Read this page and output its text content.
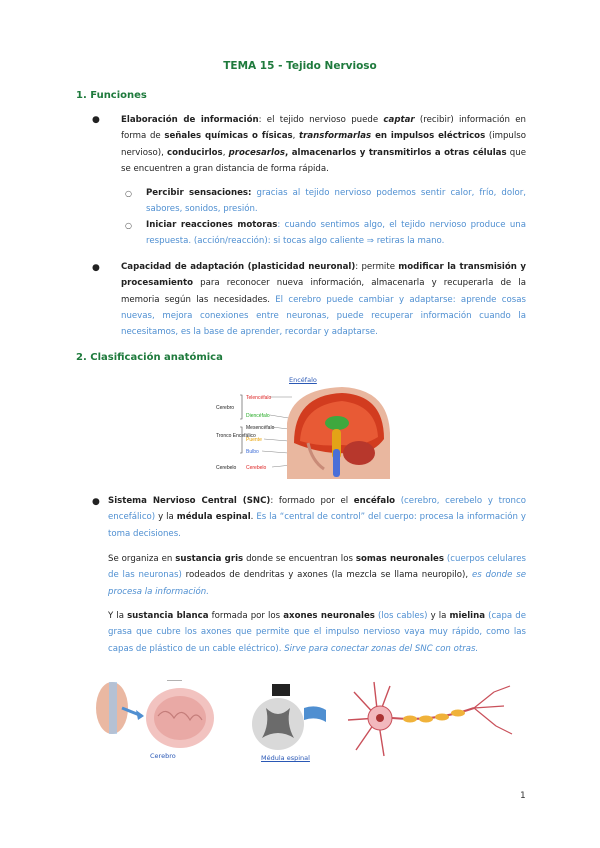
TEMA 15 - Tejido Nervioso
1. Funciones
● Elaboración de información: el tejido nervioso puede captar (recibir) información en forma de señales químicas o físicas, transformarlas en impulsos eléctricos (impulso nervioso), conducirlos, procesarlos, almacenarlos y transmitirlos a otras células que se encuentren a gran distancia de forma rápida.
○ Percibir sensaciones: gracias al tejido nervioso podemos sentir calor, frío, dolor, sabores, sonidos, presión.
○ Iniciar reacciones motoras: cuando sentimos algo, el tejido nervioso produce una respuesta. (acción/reacción): si tocas algo caliente ⇒ retiras la mano.
● Capacidad de adaptación (plasticidad neuronal): permite modificar la transmisión y procesamiento para reconocer nueva información, almacenarla y recuperarla de la memoria según las necesidades. El cerebro puede cambiar y adaptarse: aprende cosas nuevas, mejora conexiones entre neuronas, puede recuperar información cuando la necesitamos, es la base de aprender, recordar y adaptarse.
2. Clasificación anatómica
Encéfalo
Cerebro
Tronco Encefálico
Cerebelo
Telencéfalo
Diencéfalo
Mesencéfalo
Puente
Bulbo
Cerebelo
● Sistema Nervioso Central (SNC): formado por el encéfalo (cerebro, cerebelo y tronco encefálico) y la médula espinal. Es la “central de control” del cuerpo: procesa la información y toma decisiones.
Se organiza en sustancia gris donde se encuentran los somas neuronales (cuerpos celulares de las neuronas) rodeados de dendritas y axones (la mezcla se llama neuropilo), es donde se procesa la información.
Y la sustancia blanca formada por los axones neuronales (los cables) y la mielina (capa de grasa que cubre los axones que permite que el impulso nervioso vaya muy rápido, como las capas de plástico de un cable eléctrico). Sirve para conectar zonas del SNC con otras.
———
Cerebro	Médula espinal
1
